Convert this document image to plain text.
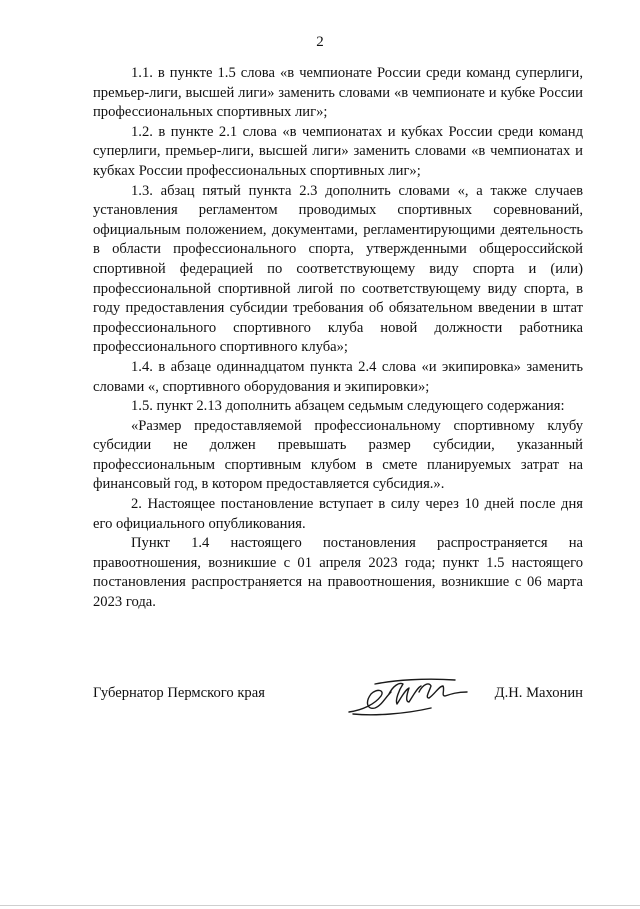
2

1.1. в пункте 1.5 слова «в чемпионате России среди команд суперлиги, премьер-лиги, высшей лиги» заменить словами «в чемпионате и кубке России профессиональных спортивных лиг»;

1.2. в пункте 2.1 слова «в чемпионатах и кубках России среди команд суперлиги, премьер-лиги, высшей лиги» заменить словами «в чемпионатах и кубках России профессиональных спортивных лиг»;

1.3. абзац пятый пункта 2.3 дополнить словами «, а также случаев установления регламентом проводимых спортивных соревнований, официальным положением, документами, регламентирующими деятельность в области профессионального спорта, утвержденными общероссийской спортивной федерацией по соответствующему виду спорта и (или) профессиональной спортивной лигой по соответствующему виду спорта, в году предоставления субсидии требования об обязательном введении в штат профессионального спортивного клуба новой должности работника профессионального спортивного клуба»;

1.4. в абзаце одиннадцатом пункта 2.4 слова «и экипировка» заменить словами «, спортивного оборудования и экипировки»;

1.5. пункт 2.13 дополнить абзацем седьмым следующего содержания:

«Размер предоставляемой профессиональному спортивному клубу субсидии не должен превышать размер субсидии, указанный профессиональным спортивным клубом в смете планируемых затрат на финансовый год, в котором предоставляется субсидия.».

2. Настоящее постановление вступает в силу через 10 дней после дня его официального опубликования.

Пункт 1.4 настоящего постановления распространяется на правоотношения, возникшие с 01 апреля 2023 года; пункт 1.5 настоящего постановления распространяется на правоотношения, возникшие с 06 марта 2023 года.

Губернатор Пермского края	Д.Н. Махонин
